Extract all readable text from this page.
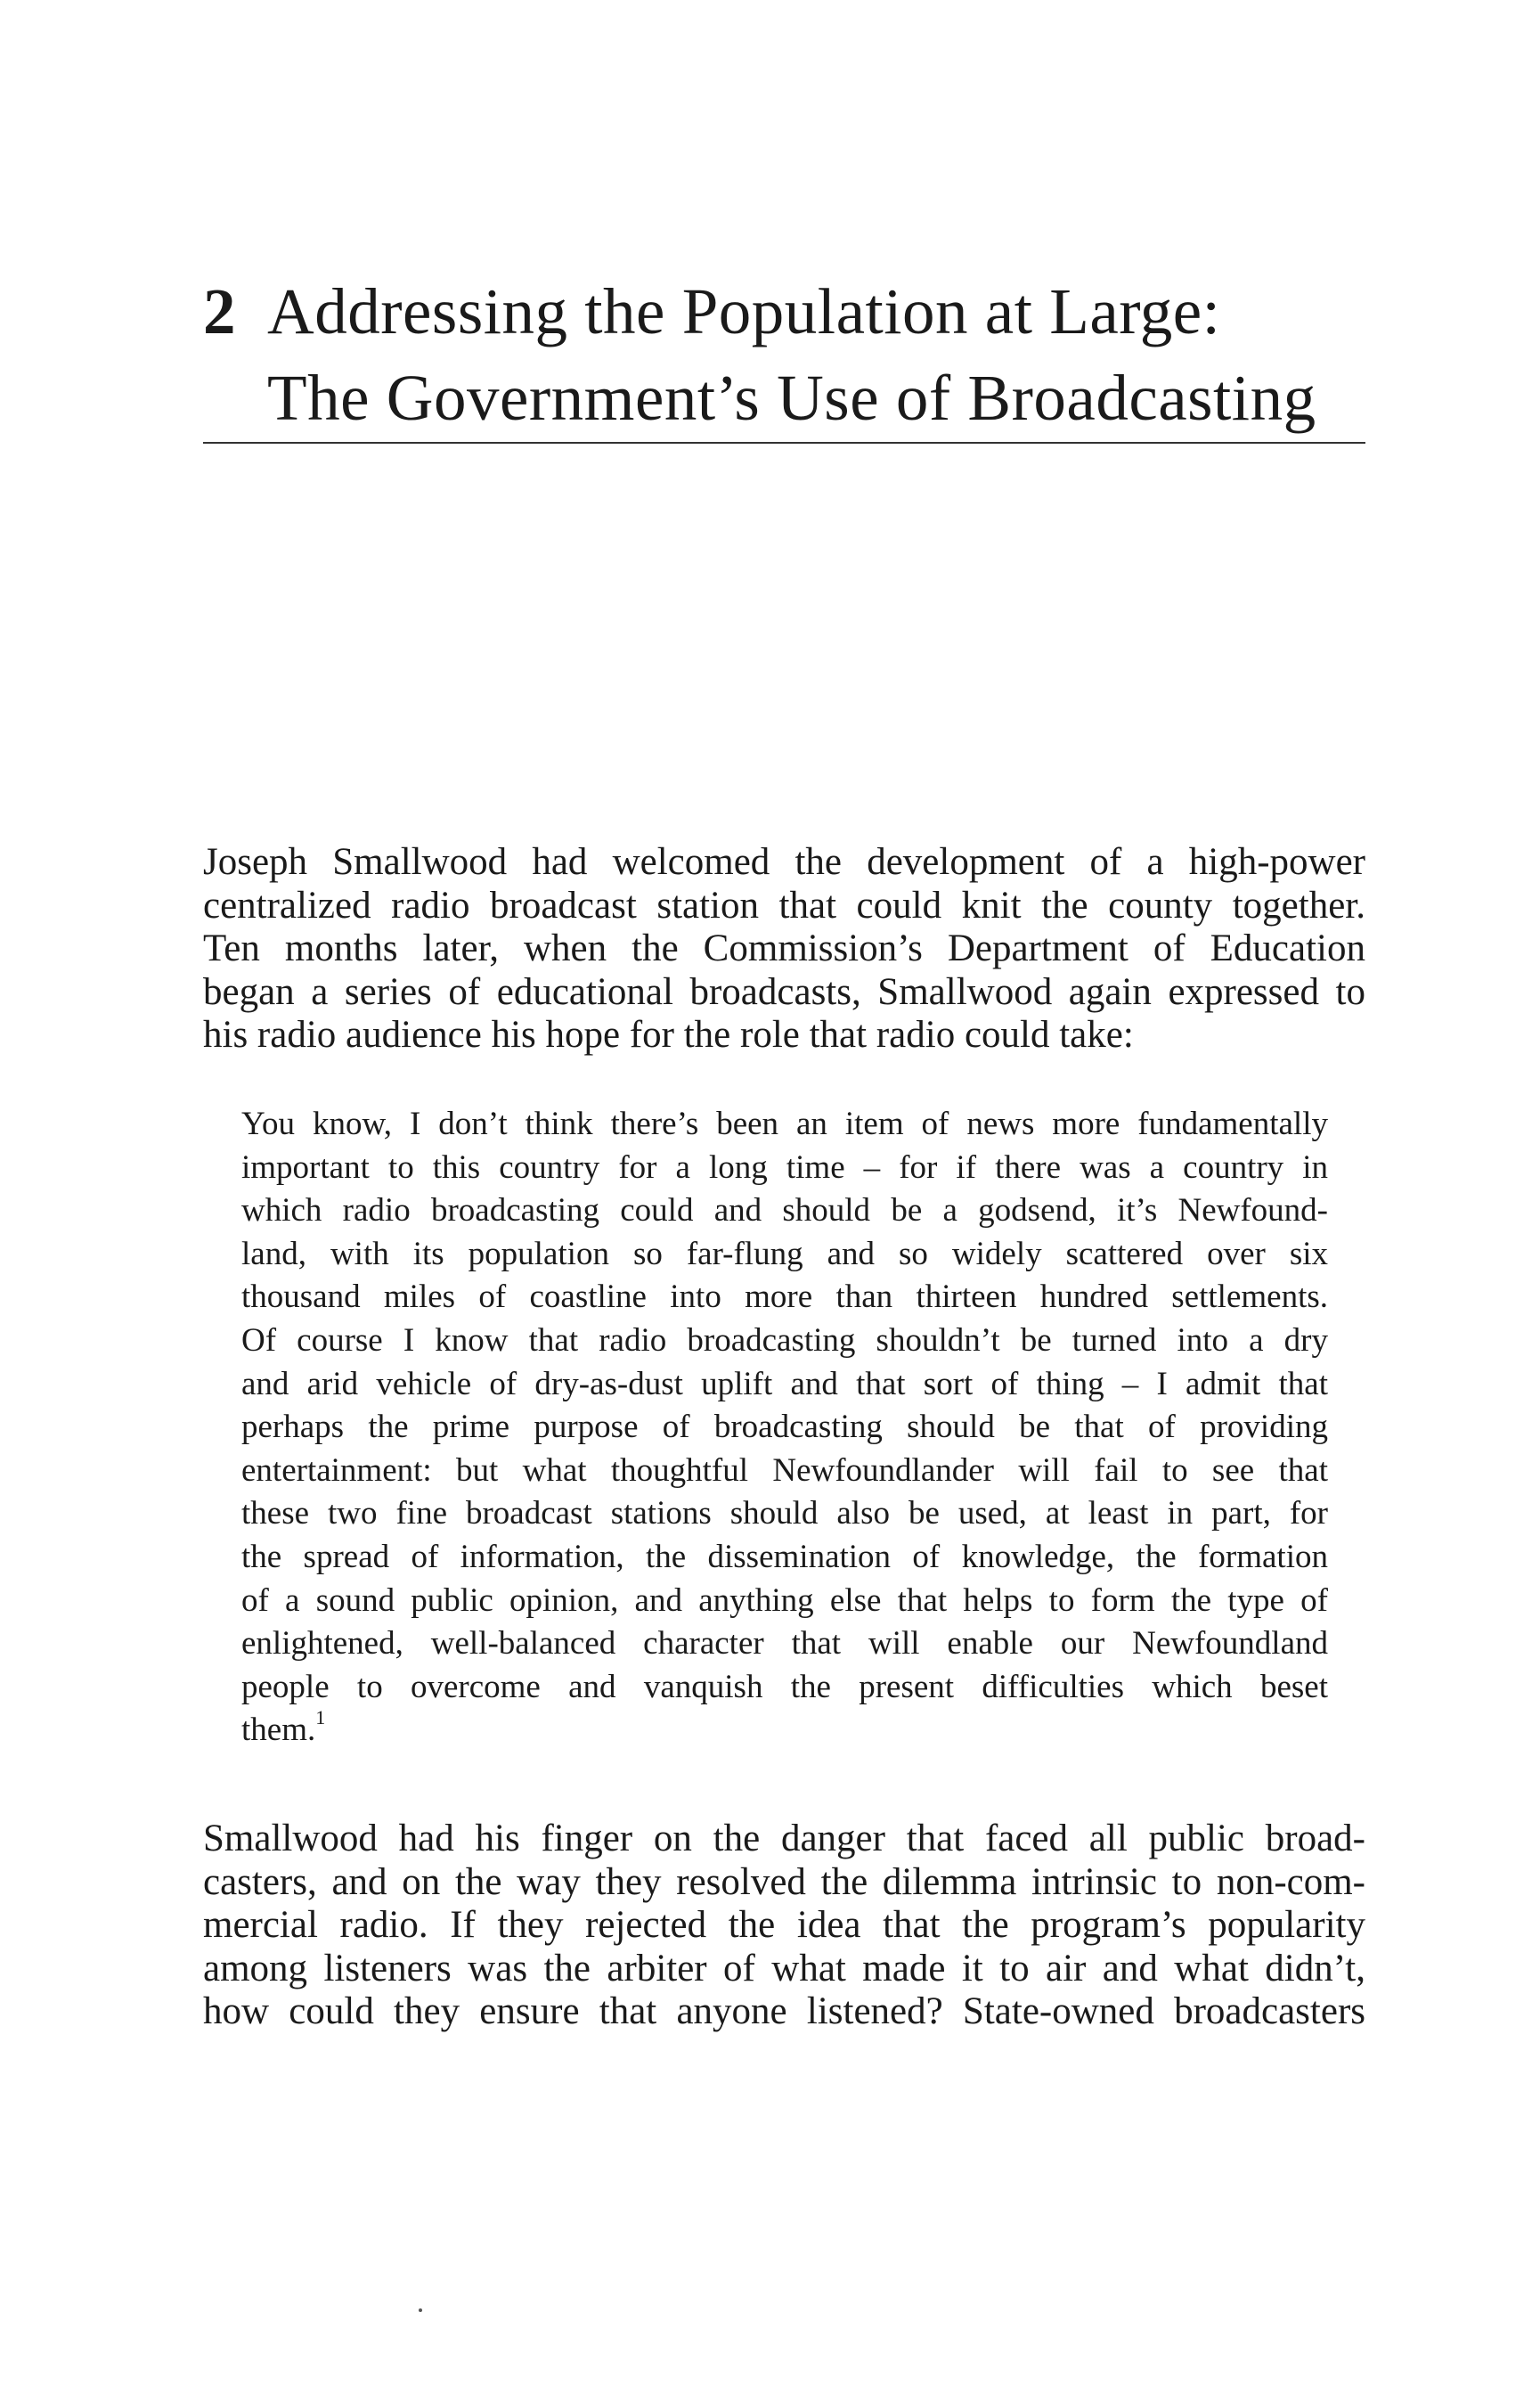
2 Addressing the Population at Large:
The Government’s Use of Broadcasting
Joseph Smallwood had welcomed the development of a high-power
centralized radio broadcast station that could knit the county together.
Ten months later, when the Commission’s Department of Education
began a series of educational broadcasts, Smallwood again expressed to
his radio audience his hope for the role that radio could take:
You know, I don’t think there’s been an item of news more fundamentally
important to this country for a long time – for if there was a country in
which radio broadcasting could and should be a godsend, it’s Newfound-
land, with its population so far-flung and so widely scattered over six
thousand miles of coastline into more than thirteen hundred settlements.
Of course I know that radio broadcasting shouldn’t be turned into a dry
and arid vehicle of dry-as-dust uplift and that sort of thing – I admit that
perhaps the prime purpose of broadcasting should be that of providing
entertainment: but what thoughtful Newfoundlander will fail to see that
these two fine broadcast stations should also be used, at least in part, for
the spread of information, the dissemination of knowledge, the formation
of a sound public opinion, and anything else that helps to form the type of
enlightened, well-balanced character that will enable our Newfoundland
people to overcome and vanquish the present difficulties which beset
them.$^1$
Smallwood had his finger on the danger that faced all public broad-
casters, and on the way they resolved the dilemma intrinsic to non-com-
mercial radio. If they rejected the idea that the program’s popularity
among listeners was the arbiter of what made it to air and what didn’t,
how could they ensure that anyone listened? State-owned broadcasters
